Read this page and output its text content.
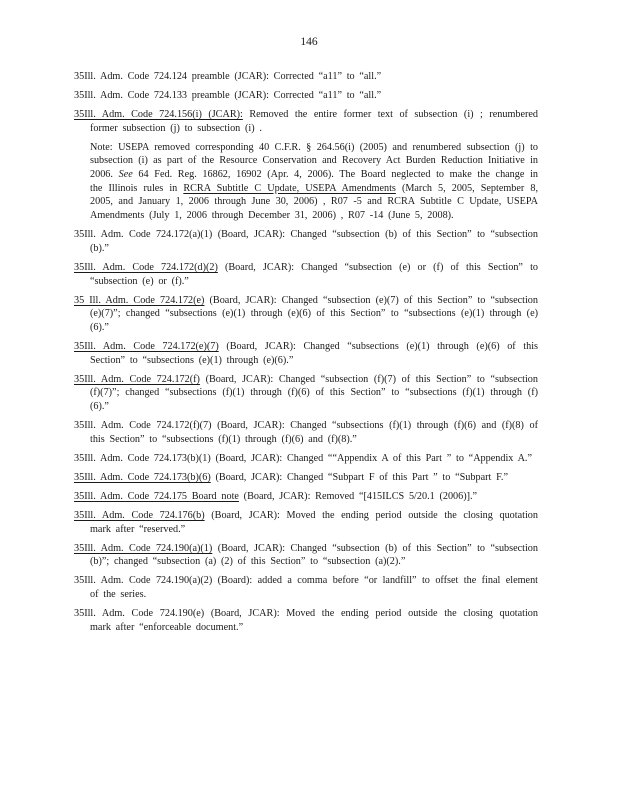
146

35Ill. Adm. Code 724.124 preamble (JCAR): Corrected “a11” to “all.”

35Ill. Adm. Code 724.133 preamble (JCAR): Corrected “a11” to “all.”

35Ill. Adm. Code 724.156(i) (JCAR): Removed the entire former text of subsection (i) ; renumbered former subsection (j) to subsection (i) .

Note: USEPA removed corresponding 40 C.F.R. § 264.56(i) (2005) and renumbered subsection (j) to subsection (i) as part of the Resource Conservation and Recovery Act Burden Reduction Initiative in 2006. See 64 Fed. Reg. 16862, 16902 (Apr. 4, 2006). The Board neglected to make the change in the Illinois rules in RCRA Subtitle C Update, USEPA Amendments (March 5, 2005, September 8, 2005, and January 1, 2006 through June 30, 2006) , R07 -5 and RCRA Subtitle C Update, USEPA Amendments (July 1, 2006 through December 31, 2006) , R07 -14 (June 5, 2008).

35Ill. Adm. Code 724.172(a)(1) (Board, JCAR): Changed “subsection (b) of this Section” to “subsection (b).”

35Ill. Adm. Code 724.172(d)(2) (Board, JCAR): Changed “subsection (e) or (f) of this Section” to “subsection (e) or (f).”

35 Ill. Adm. Code 724.172(e) (Board, JCAR): Changed “subsection (e)(7) of this Section” to “subsection (e)(7)”; changed “subsections (e)(1) through (e)(6) of this Section” to “subsections (e)(1) through (e)(6).”

35Ill. Adm. Code 724.172(e)(7) (Board, JCAR): Changed “subsections (e)(1) through (e)(6) of this Section” to “subsections (e)(1) through (e)(6).”

35Ill. Adm. Code 724.172(f) (Board, JCAR): Changed “subsection (f)(7) of this Section” to “subsection (f)(7)”; changed “subsections (f)(1) through (f)(6) of this Section” to “subsections (f)(1) through (f)(6).”

35Ill. Adm. Code 724.172(f)(7) (Board, JCAR): Changed “subsections (f)(1) through (f)(6) and (f)(8) of this Section” to “subsections (f)(1) through (f)(6) and (f)(8).”

35Ill. Adm. Code 724.173(b)(1) (Board, JCAR): Changed ““Appendix A of this Part ” to “Appendix A.”

35Ill. Adm. Code 724.173(b)(6) (Board, JCAR): Changed “Subpart F of this Part ” to “Subpart F.”

35Ill. Adm. Code 724.175 Board note (Board, JCAR): Removed “[415ILCS 5/20.1 (2006)].”

35Ill. Adm. Code 724.176(b) (Board, JCAR): Moved the ending period outside the closing quotation mark after “reserved.”

35Ill. Adm. Code 724.190(a)(1) (Board, JCAR): Changed “subsection (b) of this Section” to “subsection (b)”; changed “subsection (a) (2) of this Section” to “subsection (a)(2).”

35Ill. Adm. Code 724.190(a)(2) (Board): added a comma before “or landfill” to offset the final element of the series.

35Ill. Adm. Code 724.190(e) (Board, JCAR): Moved the ending period outside the closing quotation mark after “enforceable document.”
